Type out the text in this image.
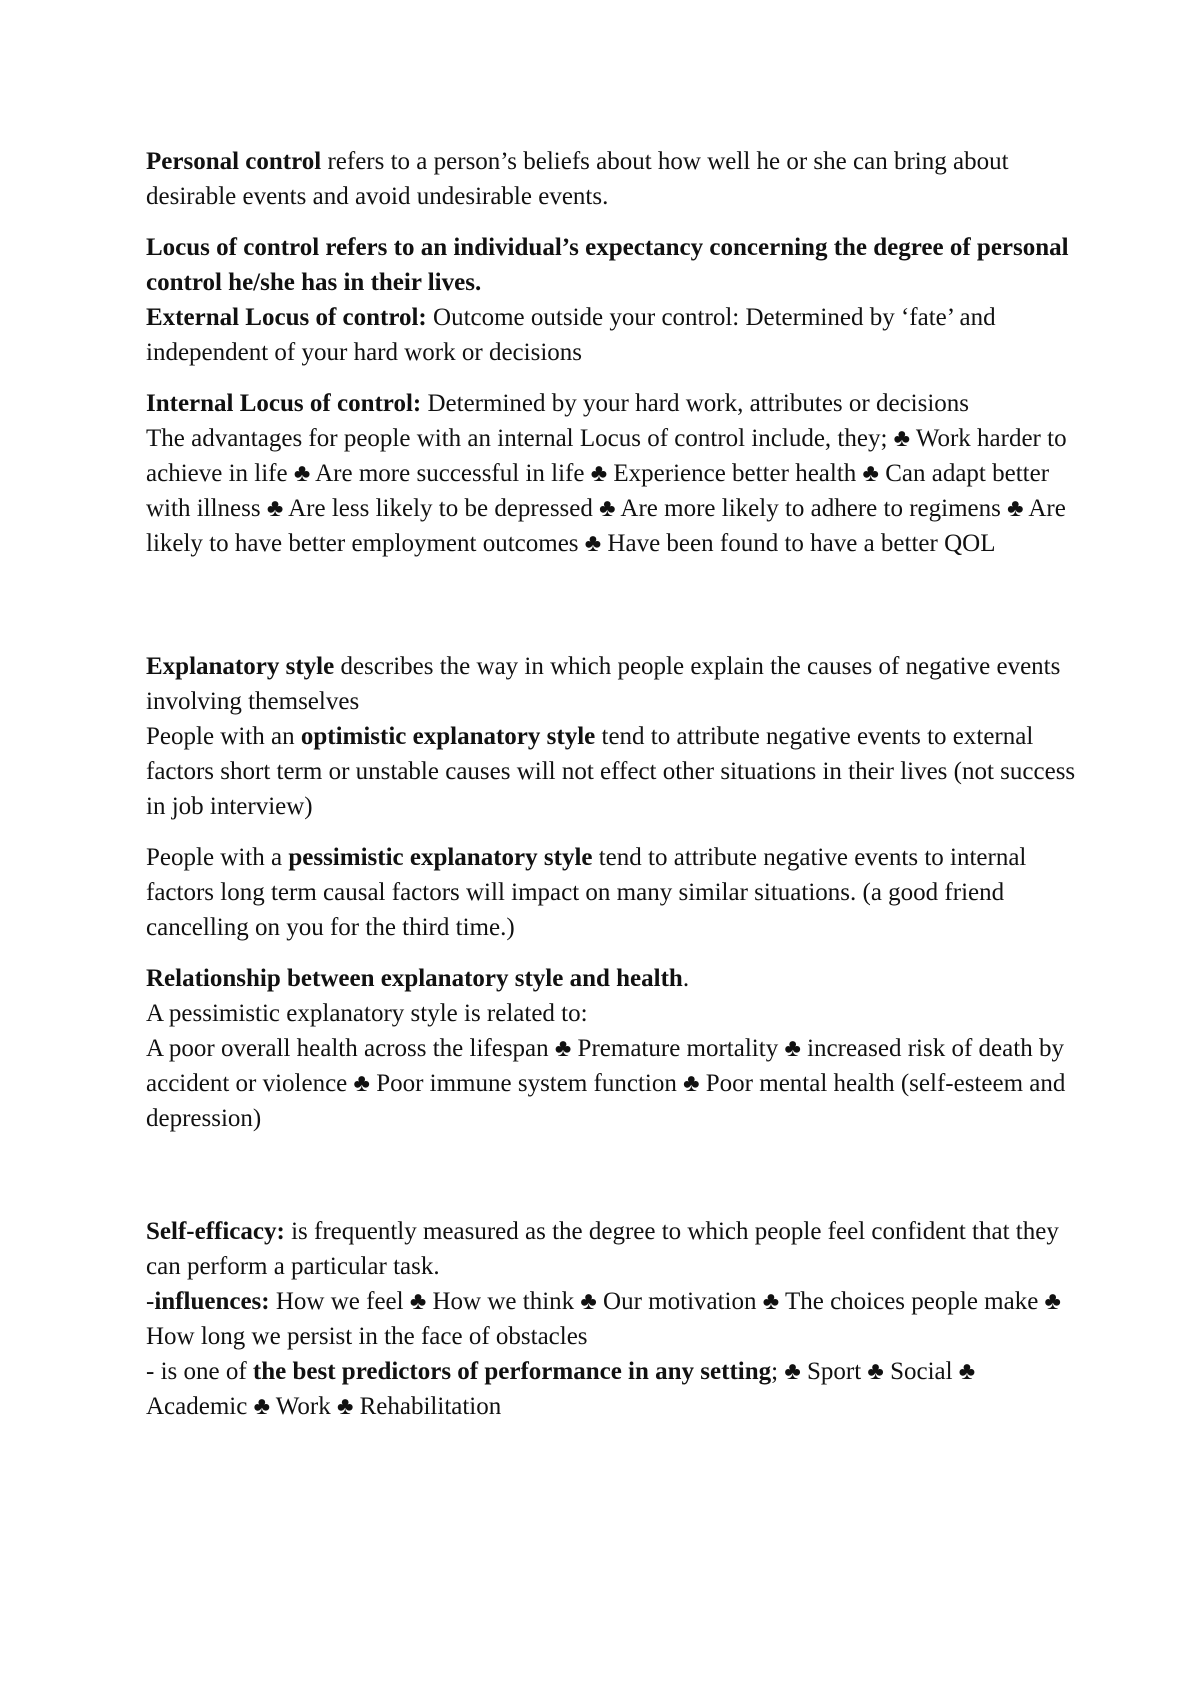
Personal control refers to a person’s beliefs about how well he or she can bring about desirable events and avoid undesirable events.

Locus of control refers to an individual’s expectancy concerning the degree of personal control he/she has in their lives.
External Locus of control: Outcome outside your control: Determined by ‘fate’ and independent of your hard work or decisions

Internal Locus of control: Determined by your hard work, attributes or decisions
The advantages for people with an internal Locus of control include, they; ♣ Work harder to achieve in life ♣ Are more successful in life ♣ Experience better health ♣ Can adapt better with illness ♣ Are less likely to be depressed ♣ Are more likely to adhere to regimens ♣ Are likely to have better employment outcomes ♣ Have been found to have a better QOL

Explanatory style describes the way in which people explain the causes of negative events involving themselves
People with an optimistic explanatory style tend to attribute negative events to external factors short term or unstable causes will not effect other situations in their lives (not success in job interview)

People with a pessimistic explanatory style tend to attribute negative events to internal factors long term causal factors will impact on many similar situations. (a good friend cancelling on you for the third time.)

Relationship between explanatory style and health.
A pessimistic explanatory style is related to:
A poor overall health across the lifespan ♣ Premature mortality ♣ increased risk of death by accident or violence ♣ Poor immune system function ♣ Poor mental health (self-esteem and depression)

Self-efficacy: is frequently measured as the degree to which people feel confident that they can perform a particular task.
-influences: How we feel ♣ How we think ♣ Our motivation ♣ The choices people make ♣ How long we persist in the face of obstacles
- is one of the best predictors of performance in any setting; ♣ Sport ♣ Social ♣ Academic ♣ Work ♣ Rehabilitation
